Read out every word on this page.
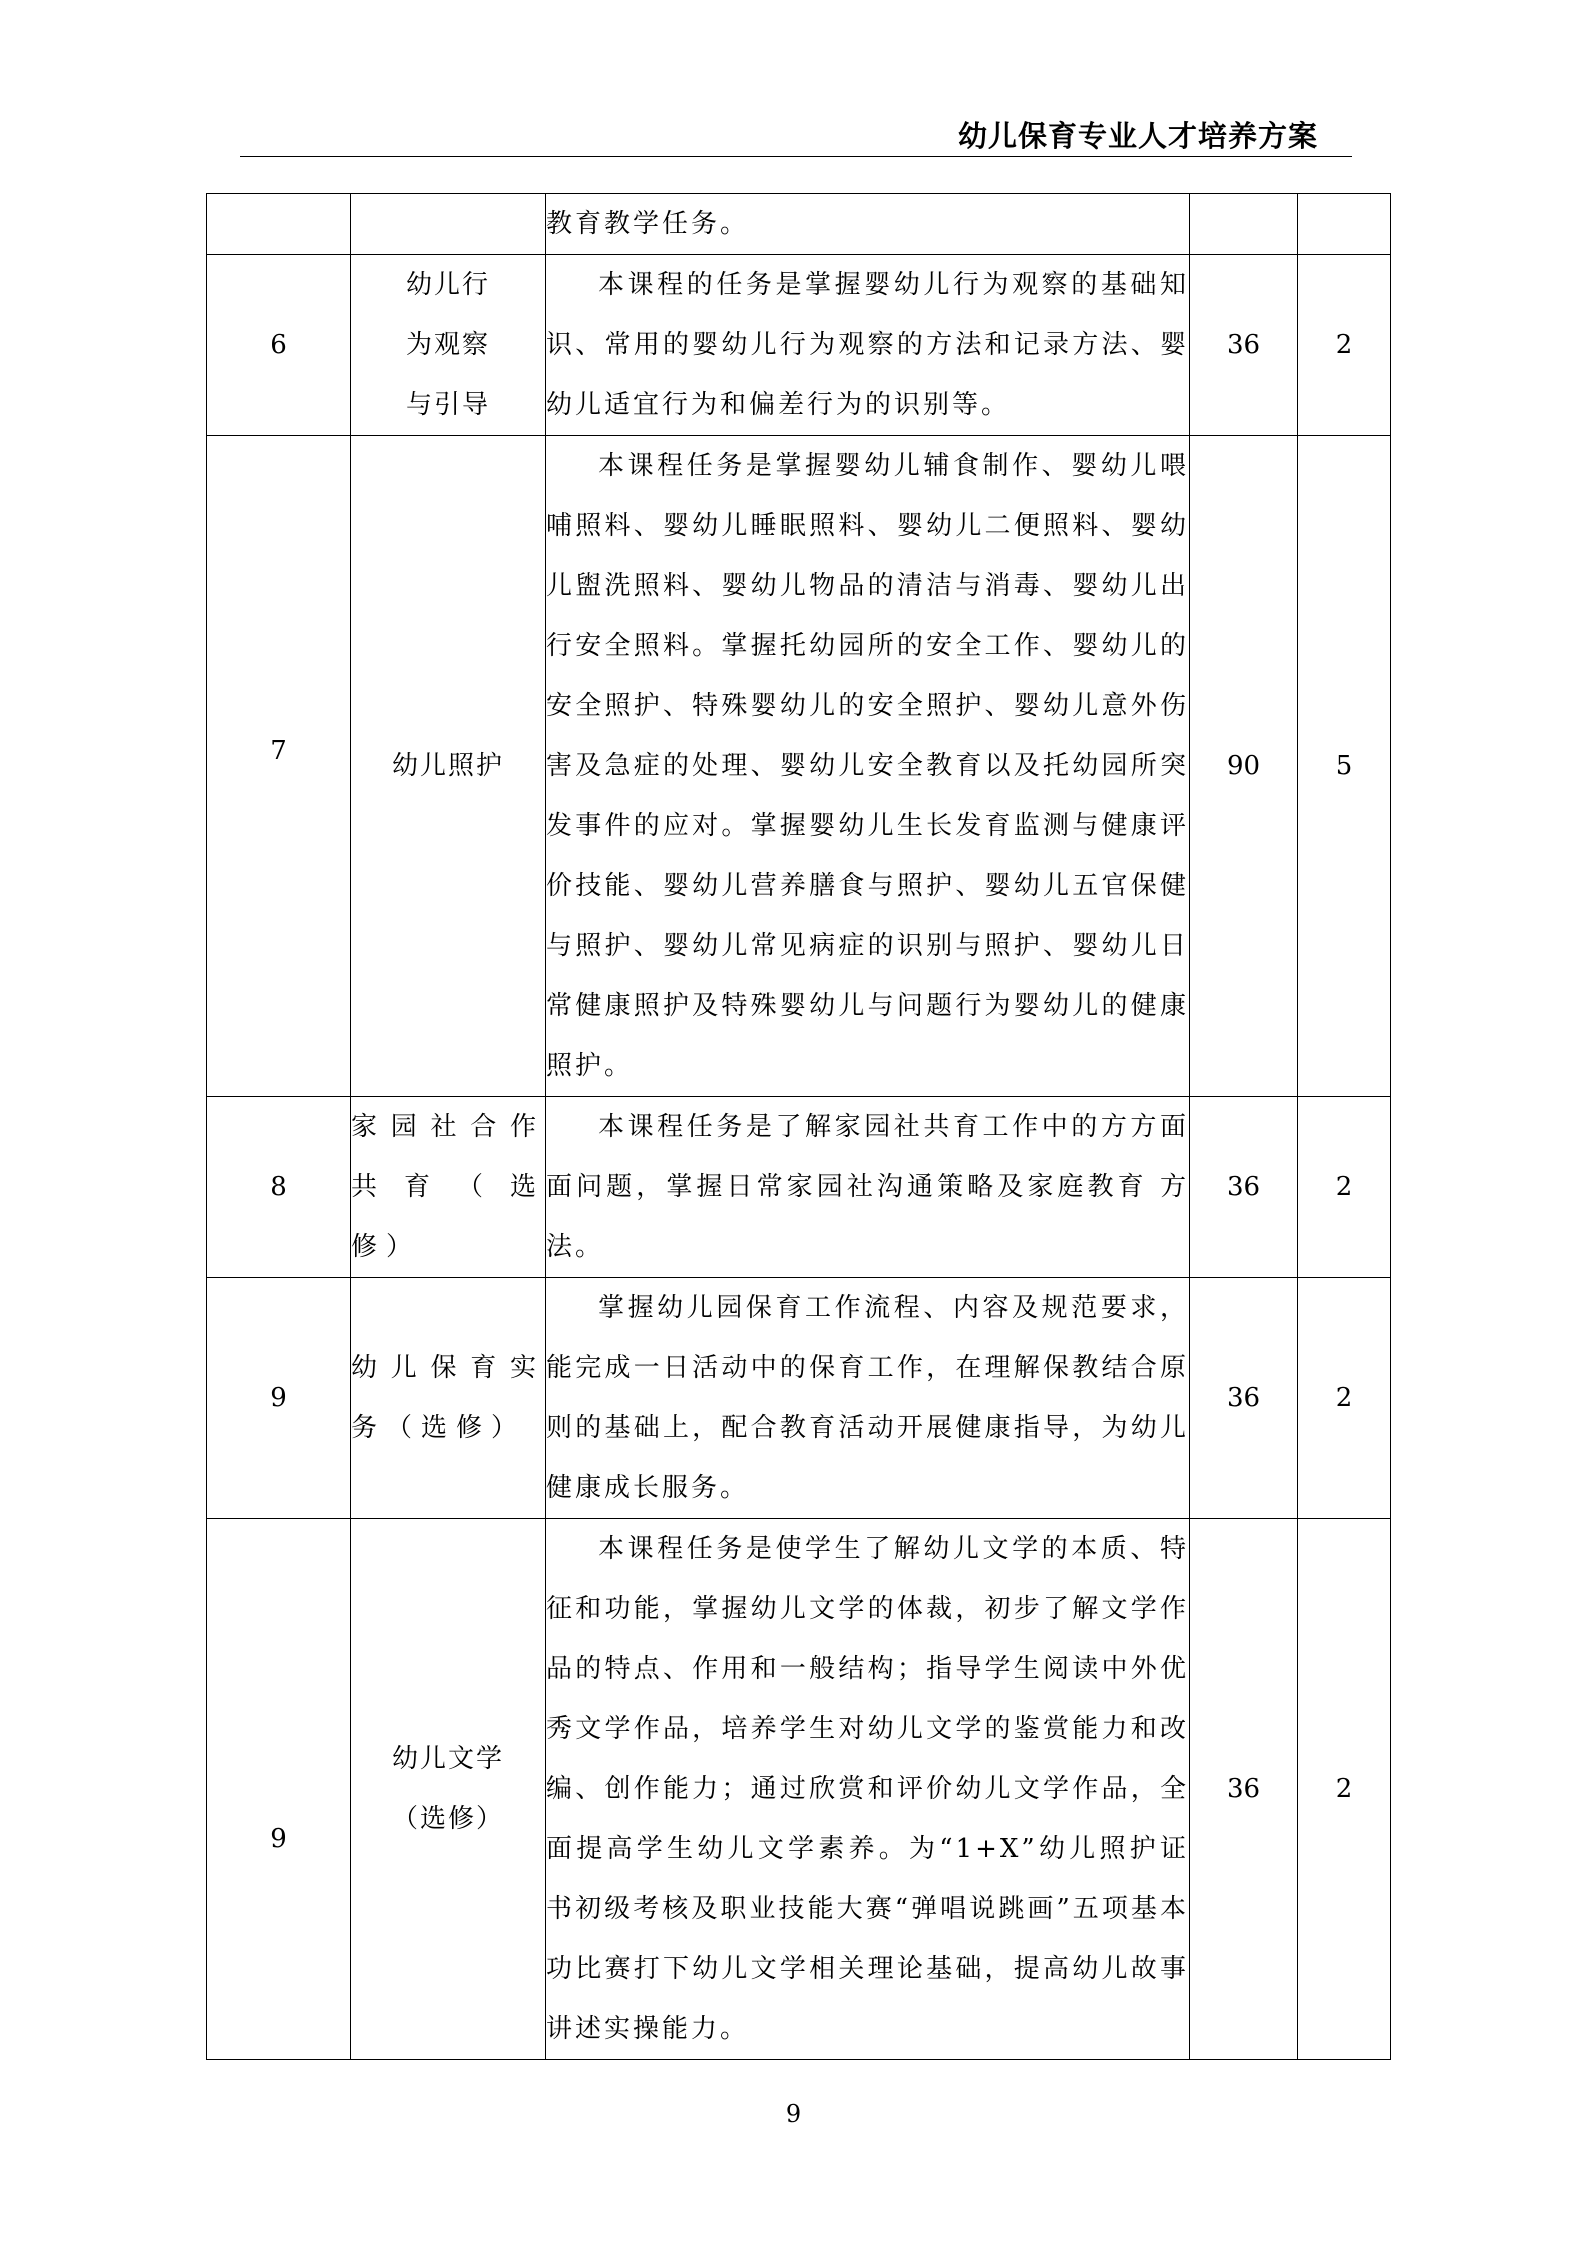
幼儿保育专业人才培养方案

		教育教学任务。		

6	幼儿行为观察与引导	本课程的任务是掌握婴幼儿行为观察的基础知识、常用的婴幼儿行为观察的方法和记录方法、婴幼儿适宜行为和偏差行为的识别等。	36	2
7	幼儿照护	本课程任务是掌握婴幼儿辅食制作、婴幼儿喂哺照料、婴幼儿睡眠照料、婴幼儿二便照料、婴幼儿盥洗照料、婴幼儿物品的清洁与消毒、婴幼儿出行安全照料。掌握托幼园所的安全工作、婴幼儿的安全照护、特殊婴幼儿的安全照护、婴幼儿意外伤害及急症的处理、婴幼儿安全教育以及托幼园所突发事件的应对。掌握婴幼儿生长发育监测与健康评价技能、婴幼儿营养膳食与照护、婴幼儿五官保健与照护、婴幼儿常见病症的识别与照护、婴幼儿日常健康照护及特殊婴幼儿与问题行为婴幼儿的健康照护。	90	5
8	家园社合作共育（选修）	本课程任务是了解家园社共育工作中的方方面面问题，掌握日常家园社沟通策略及家庭教育 方法。	36	2
9	幼儿保育实务（选修）	掌握幼儿园保育工作流程、内容及规范要求，能完成一日活动中的保育工作，在理解保教结合原则的基础上，配合教育活动开展健康指导，为幼儿健康成长服务。	36	2
9	幼儿文学（选修）	本课程任务是使学生了解幼儿文学的本质、特征和功能，掌握幼儿文学的体裁，初步了解文学作品的特点、作用和一般结构；指导学生阅读中外优秀文学作品，培养学生对幼儿文学的鉴赏能力和改编、创作能力；通过欣赏和评价幼儿文学作品，全面提高学生幼儿文学素养。为“1+X”幼儿照护证书初级考核及职业技能大赛“弹唱说跳画”五项基本功比赛打下幼儿文学相关理论基础，提高幼儿故事讲述实操能力。	36	2
9
